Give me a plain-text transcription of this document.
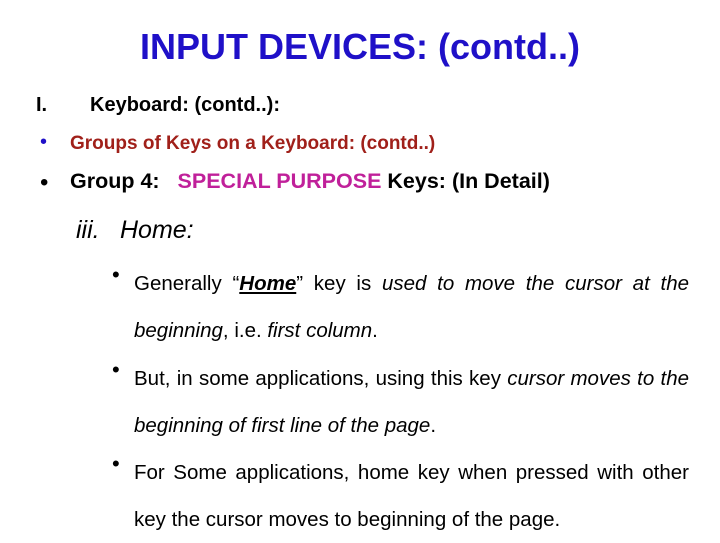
INPUT DEVICES: (contd..)
I. Keyboard: (contd..):
• Groups of Keys on a Keyboard: (contd..)
• Group 4: SPECIAL PURPOSE Keys: (In Detail)
iii. Home:
• Generally “Home” key is used to move the cursor at the beginning, i.e. first column.
• But, in some applications, using this key cursor moves to the beginning of first line of the page.
• For Some applications, home key when pressed with other key the cursor moves to beginning of the page.
